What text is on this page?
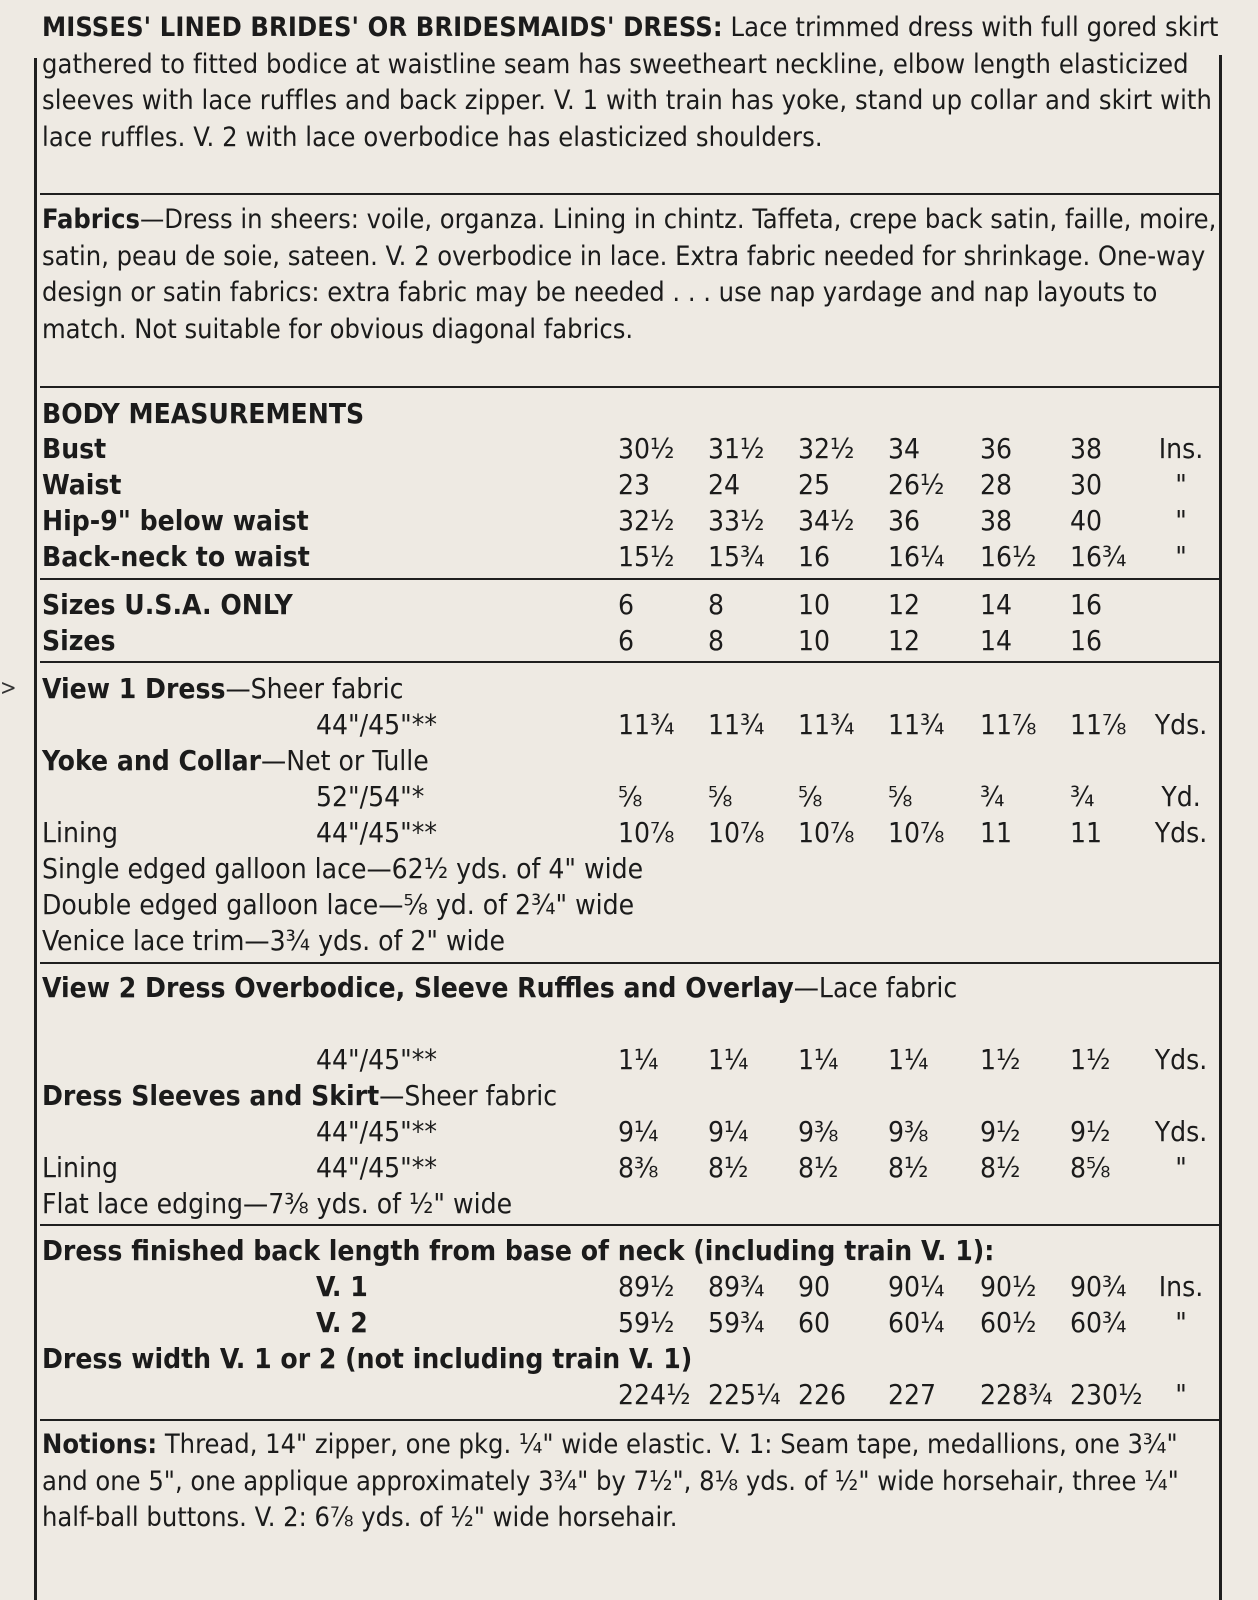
>
MISSES' LINED BRIDES' OR BRIDESMAIDS' DRESS: Lace trimmed dress with full gored skirt gathered to fitted bodice at waistline seam has sweetheart neckline, elbow length elasticized sleeves with lace ruffles and back zipper. V. 1 with train has yoke, stand up collar and skirt with lace ruffles. V. 2 with lace overbodice has elasticized shoulders.
Fabrics—Dress in sheers: voile, organza. Lining in chintz. Taffeta, crepe back satin, faille, moire, satin, peau de soie, sateen. V. 2 overbodice in lace. Extra fabric needed for shrinkage. One-way design or satin fabrics: extra fabric may be needed . . . use nap yardage and nap layouts to match. Not suitable for obvious diagonal fabrics.
BODY MEASUREMENTS
Bust	30½ 31½ 32½ 34 36 38	Ins.
Waist	23 24 25 26½ 28 30	"
Hip-9" below waist	32½ 33½ 34½ 36 38 40	"
Back-neck to waist	15½ 15¾ 16 16¼ 16½ 16¾	"
Sizes U.S.A. ONLY	6	8	10 12 14 16
Sizes	6	8	10 12 14 16
View 1 Dress—Sheer fabric
44"/45"**	11¾ 11¾ 11¾ 11¾ 11⅞ 11⅞ Yds.
Yoke and Collar—Net or Tulle
52"/54"*	⅝ ⅝ ⅝ ⅝ ¾ ¾	Yd.
Lining	44"/45"**	10⅞ 10⅞ 10⅞ 10⅞ 11 11 Yds.
Single edged galloon lace—62½ yds. of 4" wide
Double edged galloon lace—⅝ yd. of 2¾" wide
Venice lace trim—3¾ yds. of 2" wide
View 2 Dress Overbodice, Sleeve Ruffles and Overlay—Lace fabric
44"/45"**	1¼ 1¼ 1¼ 1¼ 1½ 1½ Yds.
Dress Sleeves and Skirt—Sheer fabric
44"/45"**	9¼ 9¼ 9⅜ 9⅜ 9½ 9½ Yds.
Lining	44"/45"**	8⅜ 8½ 8½ 8½ 8½ 8⅝	"
Flat lace edging—7⅜ yds. of ½" wide
Dress finished back length from base of neck (including train V. 1):
V. 1	89½ 89¾ 90 90¼ 90½ 90¾	Ins.
V. 2	59½ 59¾ 60 60¼ 60½ 60¾	"
Dress width V. 1 or 2 (not including train V. 1)
224½ 225¼ 226 227 228¾ 230½	"
Notions: Thread, 14" zipper, one pkg. ¼" wide elastic. V. 1: Seam tape, medallions, one 3¾" and one 5", one applique approximately 3¾" by 7½", 8⅛ yds. of ½" wide horsehair, three ¼" half-ball buttons. V. 2: 6⅞ yds. of ½" wide horsehair.
